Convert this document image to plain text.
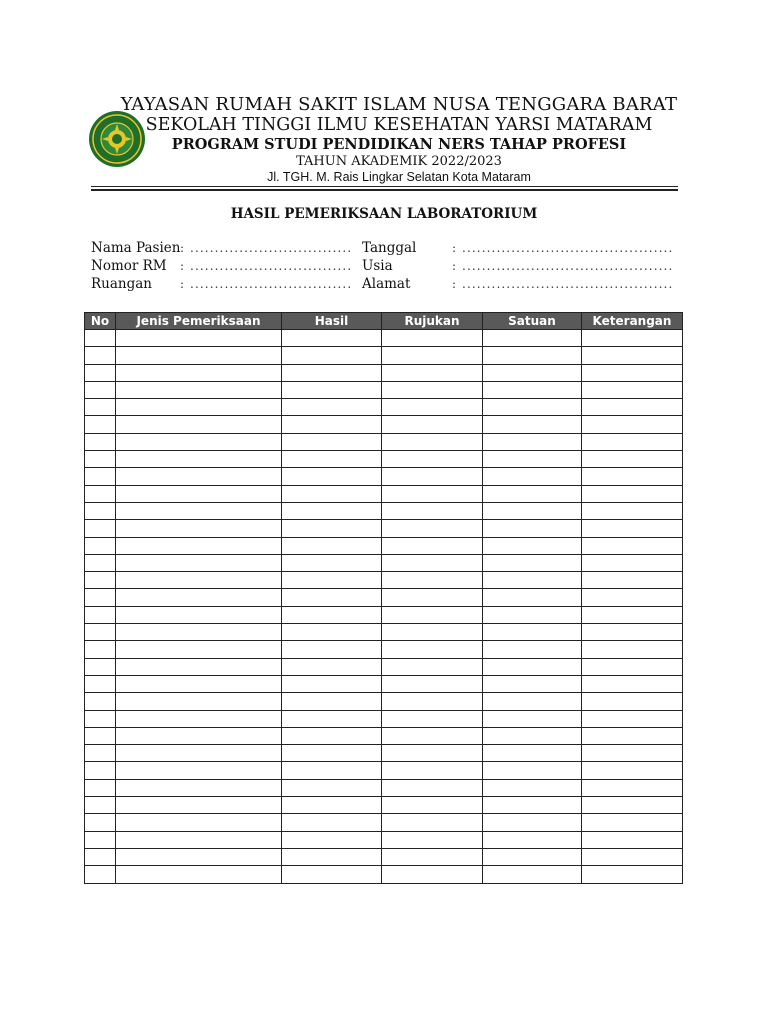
YAYASAN RUMAH SAKIT ISLAM NUSA TENGGARA BARAT
SEKOLAH TINGGI ILMU KESEHATAN YARSI MATARAM
PROGRAM STUDI PENDIDIKAN NERS TAHAP PROFESI
TAHUN AKADEMIK 2022/2023
Jl. TGH. M. Rais Lingkar Selatan Kota Mataram
HASIL PEMERIKSAAN LABORATORIUM
Nama Pasien : .................................
Nomor RM : .................................
Ruangan : .................................
Tanggal	: ...........................................
Usia	: ...........................................
Alamat	: ...........................................
No	Jenis Pemeriksaan	Hasil	Rujukan	Satuan	Keterangan
